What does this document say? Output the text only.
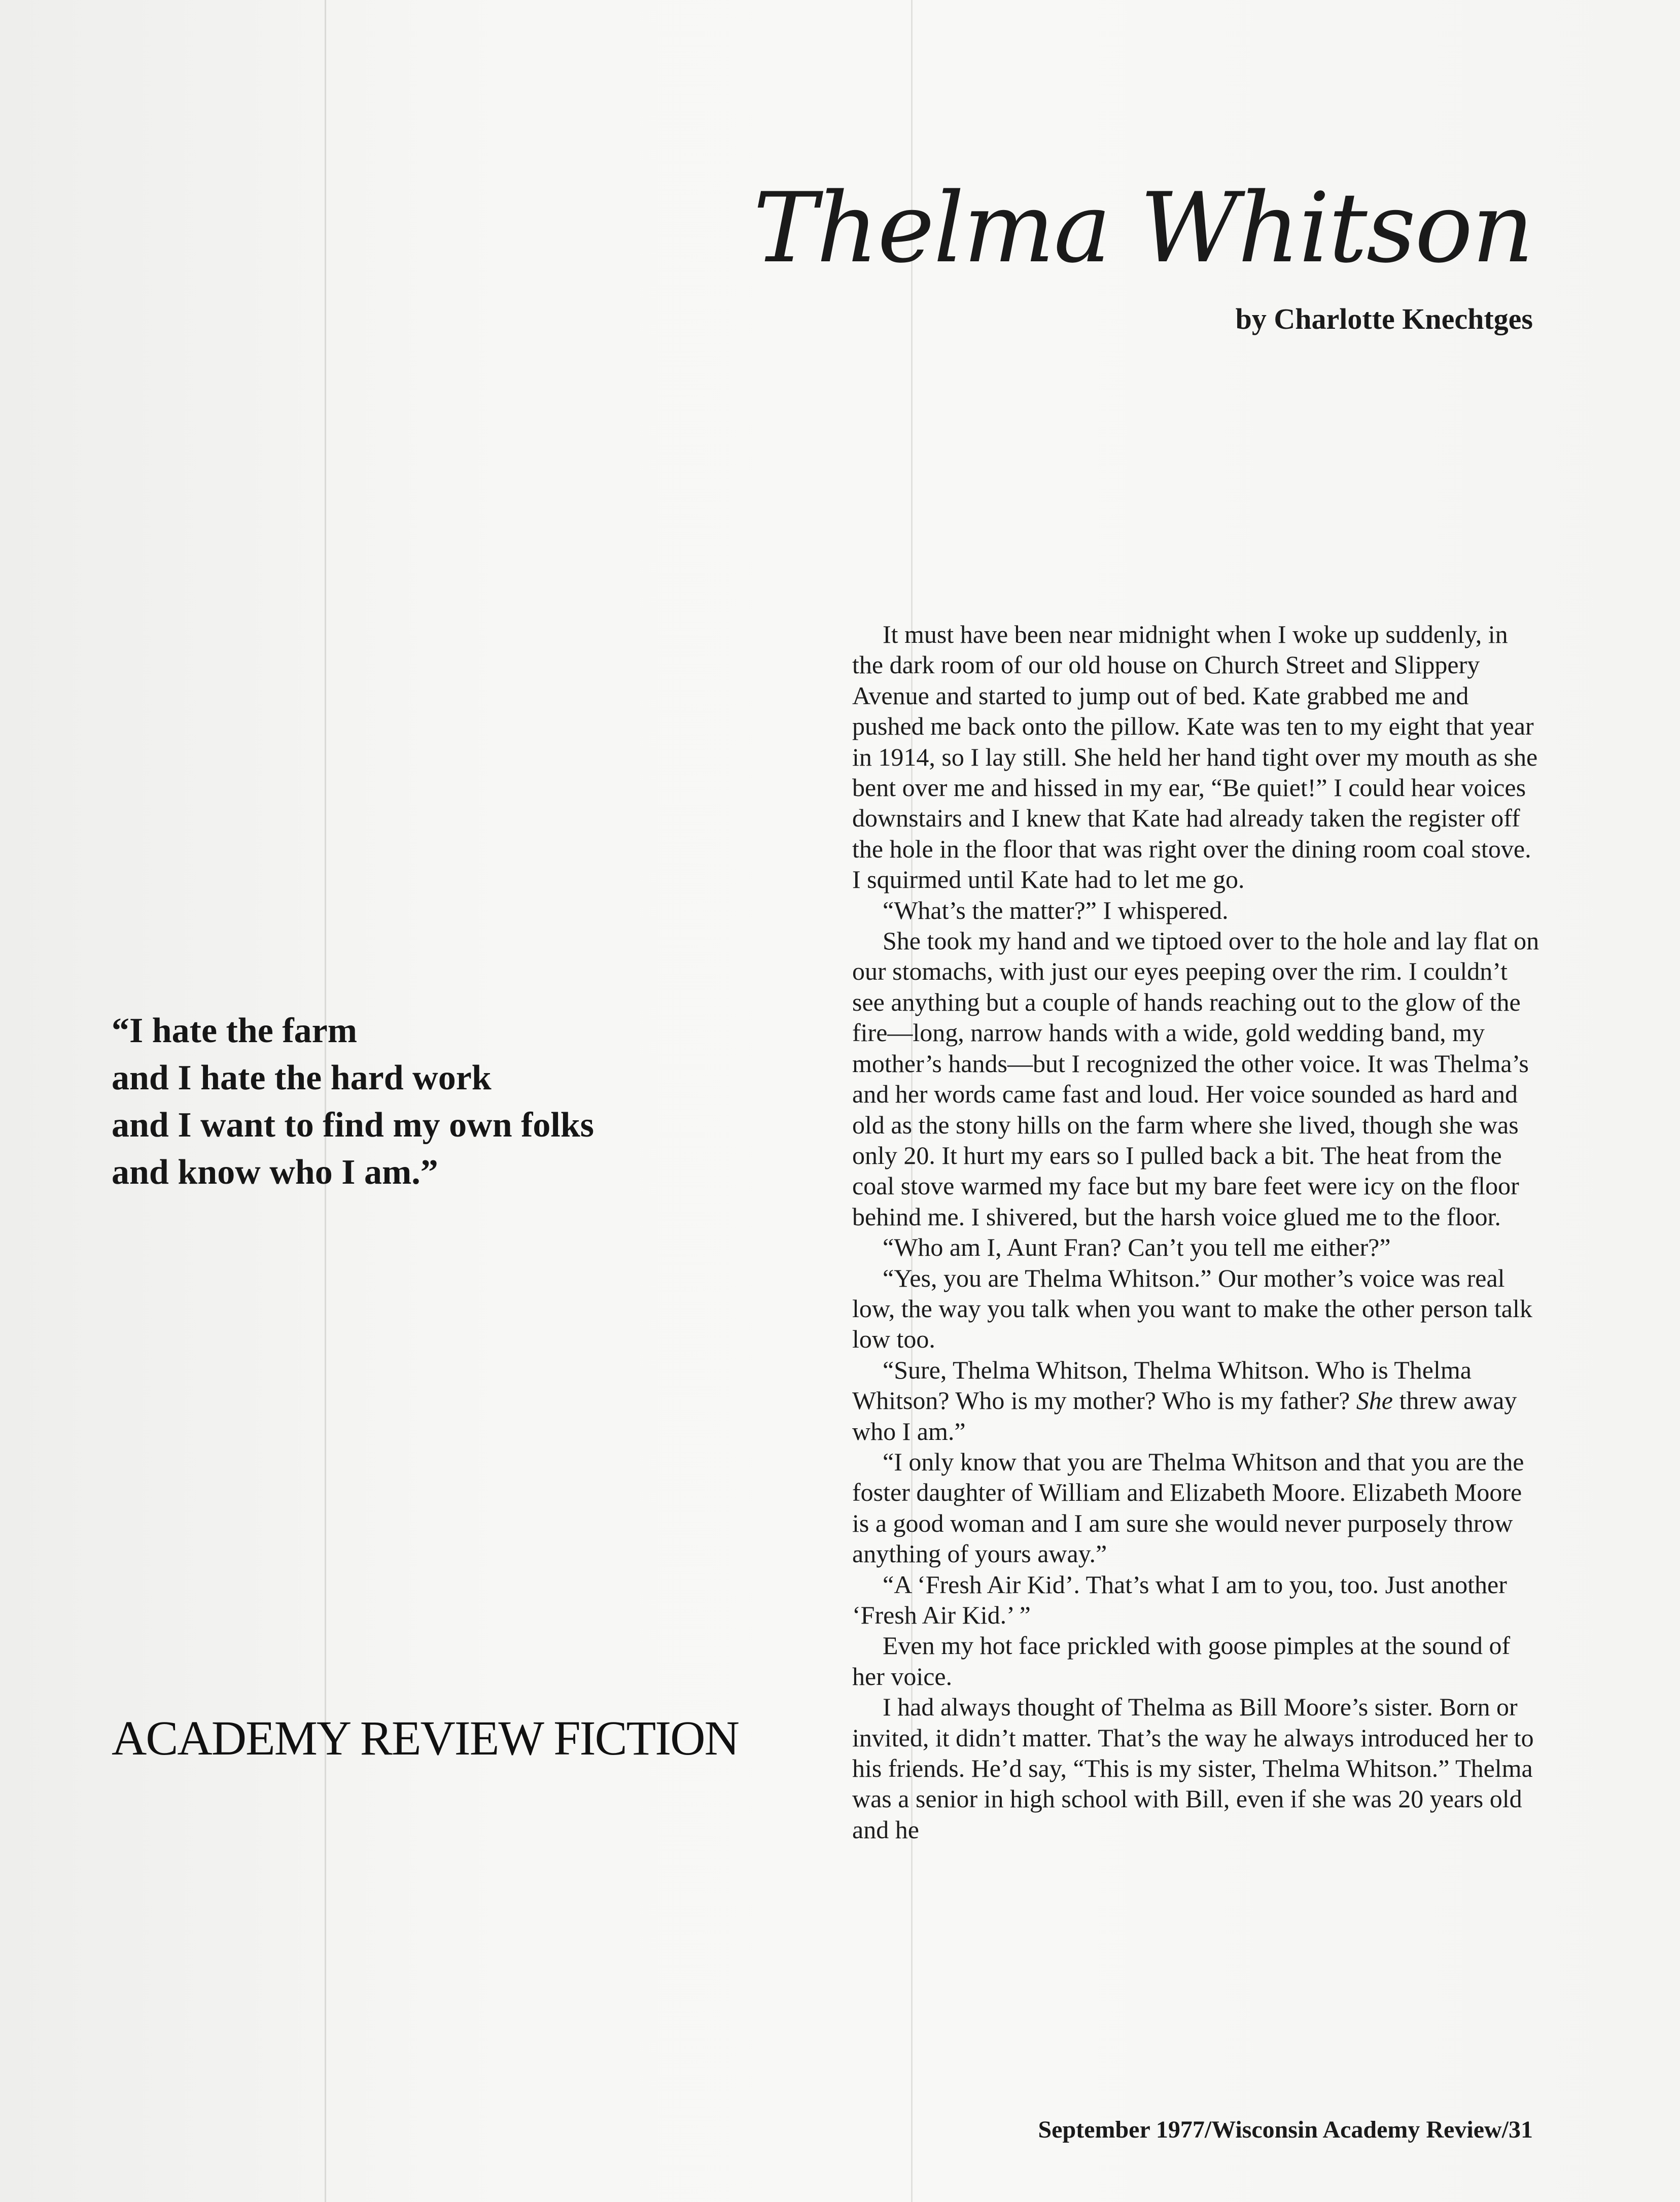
Thelma Whitson
by Charlotte Knechtges
“I hate the farm
and I hate the hard work
and I want to find my own folks
and know who I am.”
ACADEMY REVIEW FICTION

It must have been near midnight when I woke up suddenly, in the dark room of our old house on Church Street and Slippery Avenue and started to jump out of bed. Kate grabbed me and pushed me back onto the pillow. Kate was ten to my eight that year in 1914, so I lay still. She held her hand tight over my mouth as she bent over me and hissed in my ear, “Be quiet!” I could hear voices downstairs and I knew that Kate had already taken the register off the hole in the floor that was right over the dining room coal stove. I squirmed until Kate had to let me go.

“What’s the matter?” I whispered.

She took my hand and we tiptoed over to the hole and lay flat on our stomachs, with just our eyes peeping over the rim. I couldn’t see anything but a couple of hands reaching out to the glow of the fire—long, narrow hands with a wide, gold wedding band, my mother’s hands—but I recognized the other voice. It was Thelma’s and her words came fast and loud. Her voice sounded as hard and old as the stony hills on the farm where she lived, though she was only 20. It hurt my ears so I pulled back a bit. The heat from the coal stove warmed my face but my bare feet were icy on the floor behind me. I shivered, but the harsh voice glued me to the floor.

“Who am I, Aunt Fran? Can’t you tell me either?”

“Yes, you are Thelma Whitson.” Our mother’s voice was real low, the way you talk when you want to make the other person talk low too.

“Sure, Thelma Whitson, Thelma Whitson. Who is Thelma Whitson? Who is my mother? Who is my father? She threw away who I am.”

“I only know that you are Thelma Whitson and that you are the foster daughter of William and Elizabeth Moore. Elizabeth Moore is a good woman and I am sure she would never purposely throw anything of yours away.”

“A ‘Fresh Air Kid’. That’s what I am to you, too. Just another ‘Fresh Air Kid.’ ”

Even my hot face prickled with goose pimples at the sound of her voice.

I had always thought of Thelma as Bill Moore’s sister. Born or invited, it didn’t matter. That’s the way he always introduced her to his friends. He’d say, “This is my sister, Thelma Whitson.” Thelma was a senior in high school with Bill, even if she was 20 years old and he

September 1977/Wisconsin Academy Review/31
